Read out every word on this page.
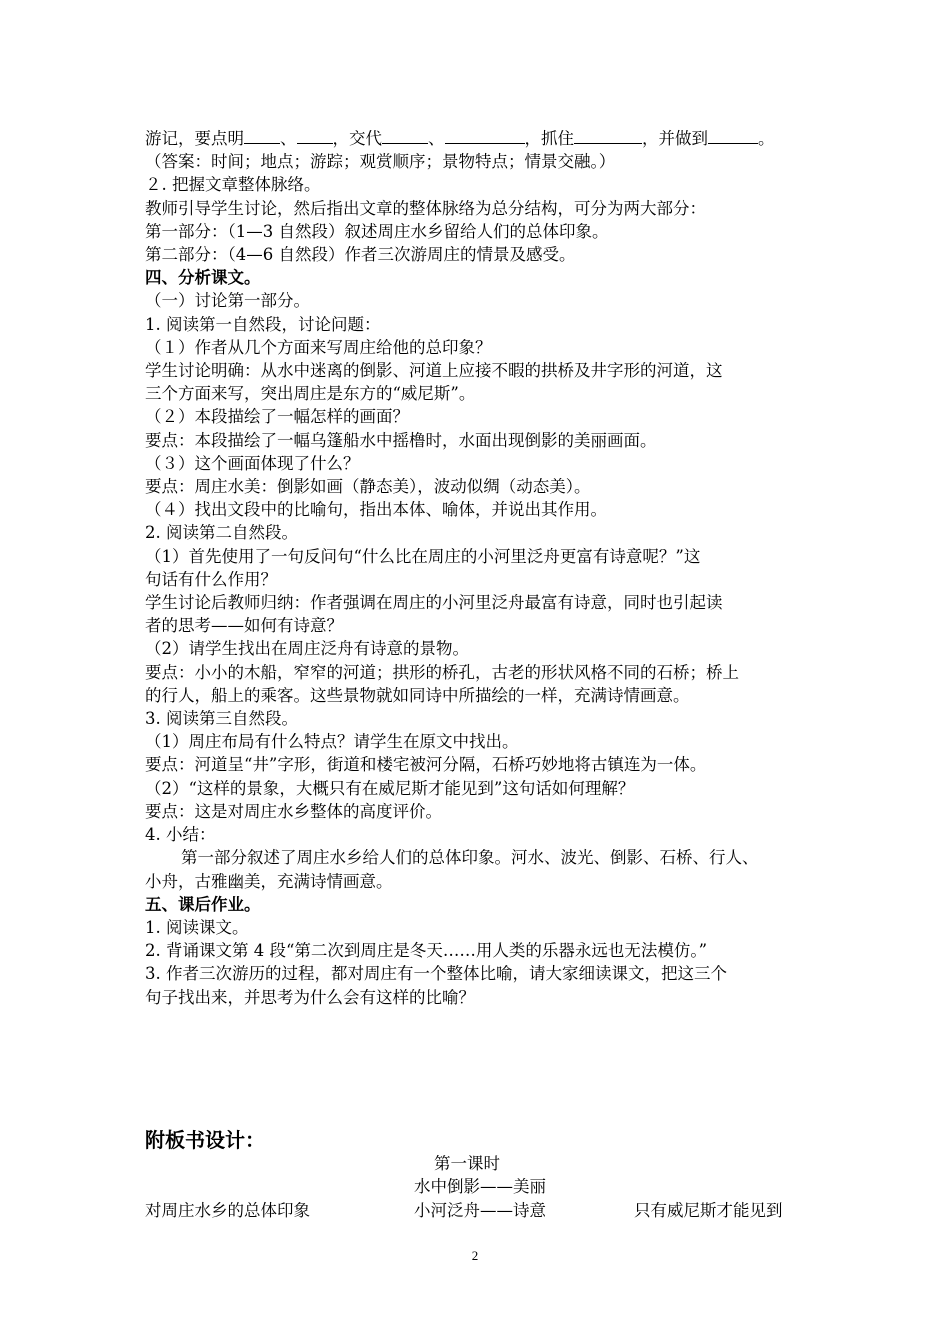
游记，要点明 、 ，交代	、	，抓住	，并做到	。

（答案：时间；地点；游踪；观赏顺序；景物特点；情景交融。）

２. 把握文章整体脉络。

教师引导学生讨论，然后指出文章的整体脉络为总分结构，可分为两大部分：

第一部分：（1—3 自然段）叙述周庄水乡留给人们的总体印象。

第二部分：（4—6 自然段）作者三次游周庄的情景及感受。

四、分析课文。

（一）讨论第一部分。

1. 阅读第一自然段，讨论问题：

（１）作者从几个方面来写周庄给他的总印象？

学生讨论明确：从水中迷离的倒影、河道上应接不暇的拱桥及井字形的河道，这

三个方面来写，突出周庄是东方的“威尼斯”。

（２）本段描绘了一幅怎样的画面？

要点：本段描绘了一幅乌篷船水中摇橹时，水面出现倒影的美丽画面。

（３）这个画面体现了什么？

要点：周庄水美：倒影如画（静态美），波动似绸（动态美）。

（４）找出文段中的比喻句，指出本体、喻体，并说出其作用。

2. 阅读第二自然段。

（1）首先使用了一句反问句“什么比在周庄的小河里泛舟更富有诗意呢？”这

句话有什么作用？

学生讨论后教师归纳：作者强调在周庄的小河里泛舟最富有诗意，同时也引起读

者的思考——如何有诗意？

（2）请学生找出在周庄泛舟有诗意的景物。

要点：小小的木船，窄窄的河道；拱形的桥孔，古老的形状风格不同的石桥；桥上

的行人，船上的乘客。这些景物就如同诗中所描绘的一样，充满诗情画意。

3. 阅读第三自然段。

（1）周庄布局有什么特点？请学生在原文中找出。

要点：河道呈“井”字形，街道和楼宅被河分隔，石桥巧妙地将古镇连为一体。

（2）“这样的景象，大概只有在威尼斯才能见到”这句话如何理解？

要点：这是对周庄水乡整体的高度评价。

4. 小结：

第一部分叙述了周庄水乡给人们的总体印象。河水、波光、倒影、石桥、行人、

小舟，古雅幽美，充满诗情画意。

五、课后作业。

1. 阅读课文。

2. 背诵课文第 4 段“第二次到周庄是冬天……用人类的乐器永远也无法模仿。”

3. 作者三次游历的过程，都对周庄有一个整体比喻，请大家细读课文，把这三个

句子找出来，并思考为什么会有这样的比喻？

附板书设计：
第一课时
水中倒影——美丽
对周庄水乡的总体印象	小河泛舟——诗意	只有威尼斯才能见到
2
